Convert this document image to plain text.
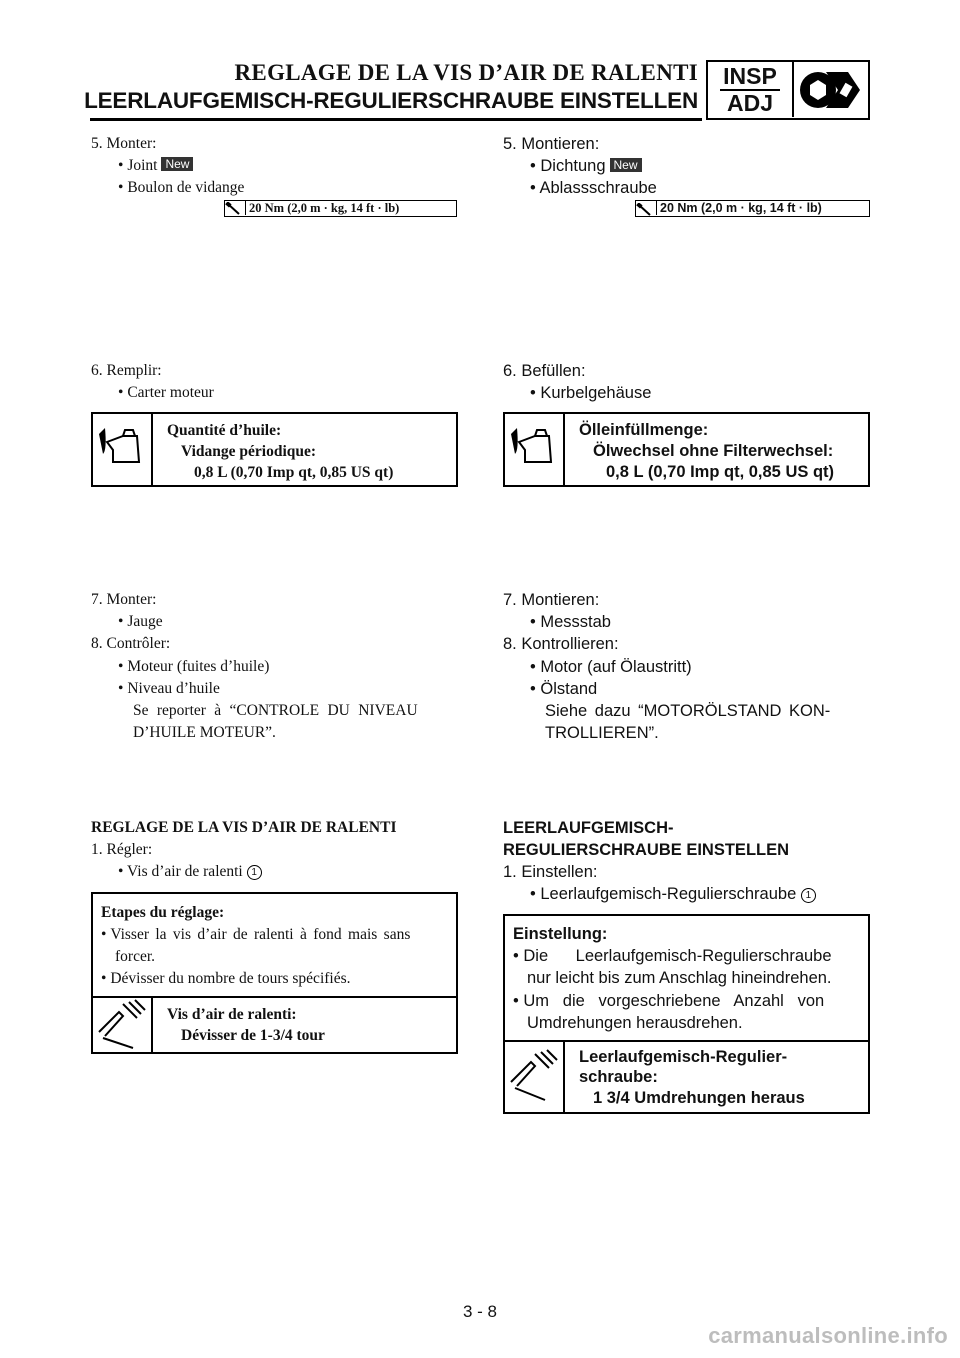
REGLAGE DE LA VIS D’AIR DE RALENTI
LEERLAUFGEMISCH-REGULIERSCHRAUBE EINSTELLEN
INSP
ADJ
5. Monter:
• Joint New
• Boulon de vidange
20 Nm (2,0 m · kg, 14 ft · lb)
6. Remplir:
• Carter moteur
Quantité d’huile:
Vidange périodique:
0,8 L (0,70 Imp qt, 0,85 US qt)
7. Monter:
• Jauge
8. Contrôler:
• Moteur (fuites d’huile)
• Niveau d’huile
Se reporter à “CONTROLE DU NIVEAU
D’HUILE MOTEUR”.
REGLAGE DE LA VIS D’AIR DE RALENTI
1. Régler:
• Vis d’air de ralenti 1
Etapes du réglage:
• Visser la vis d’air de ralenti à fond mais sans
forcer.
• Dévisser du nombre de tours spécifiés.
Vis d’air de ralenti:
Dévisser de 1-3/4 tour
5. Montieren:
• Dichtung New
• Ablassschraube
20 Nm (2,0 m · kg, 14 ft · lb)
6. Befüllen:
• Kurbelgehäuse
Ölleinfüllmenge:
Ölwechsel ohne Filterwechsel:
0,8 L (0,70 Imp qt, 0,85 US qt)
7. Montieren:
• Messstab
8. Kontrollieren:
• Motor (auf Ölaustritt)
• Ölstand
Siehe dazu “MOTORÖLSTAND KON-
TROLLIEREN”.
LEERLAUFGEMISCH-
REGULIERSCHRAUBE EINSTELLEN
1. Einstellen:
• Leerlaufgemisch-Regulierschraube 1
Einstellung:
• Die      Leerlaufgemisch-Regulierschraube
nur leicht bis zum Anschlag hineindrehen.
• Um   die   vorgeschriebene   Anzahl   von
Umdrehungen herausdrehen.
Leerlaufgemisch-Regulier-
schraube:
1 3/4 Umdrehungen heraus
3 - 8
carmanualsonline.info
